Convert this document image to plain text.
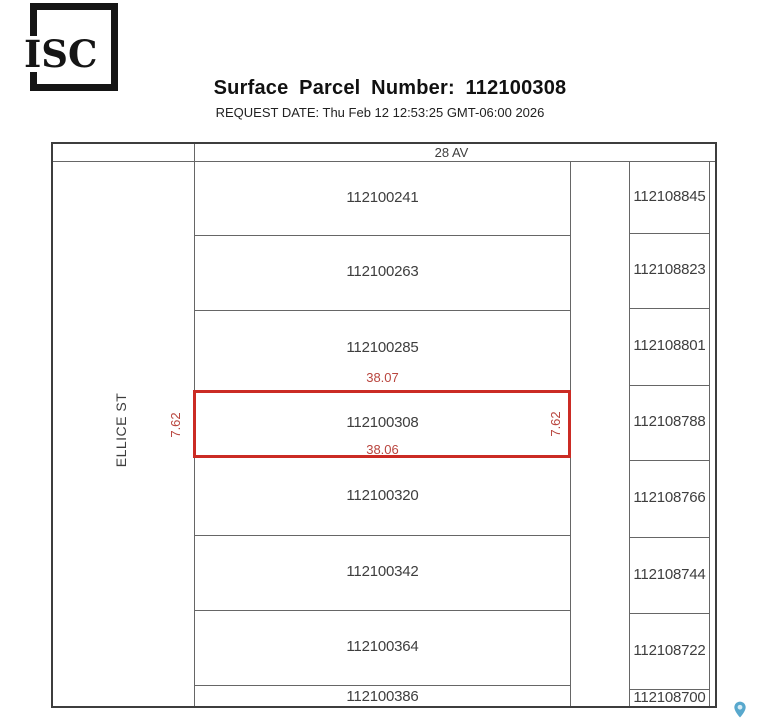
ISC
Surface Parcel Number: 112100308
REQUEST DATE: Thu Feb 12 12:53:25 GMT-06:00 2026
28 AV
ELLICE ST
112100241
112100263
112100285
112100308
112100320
112100342
112100364
112100386
112108845
112108823
112108801
112108788
112108766
112108744
112108722
112108700
38.07
38.06
7.62	7.62
